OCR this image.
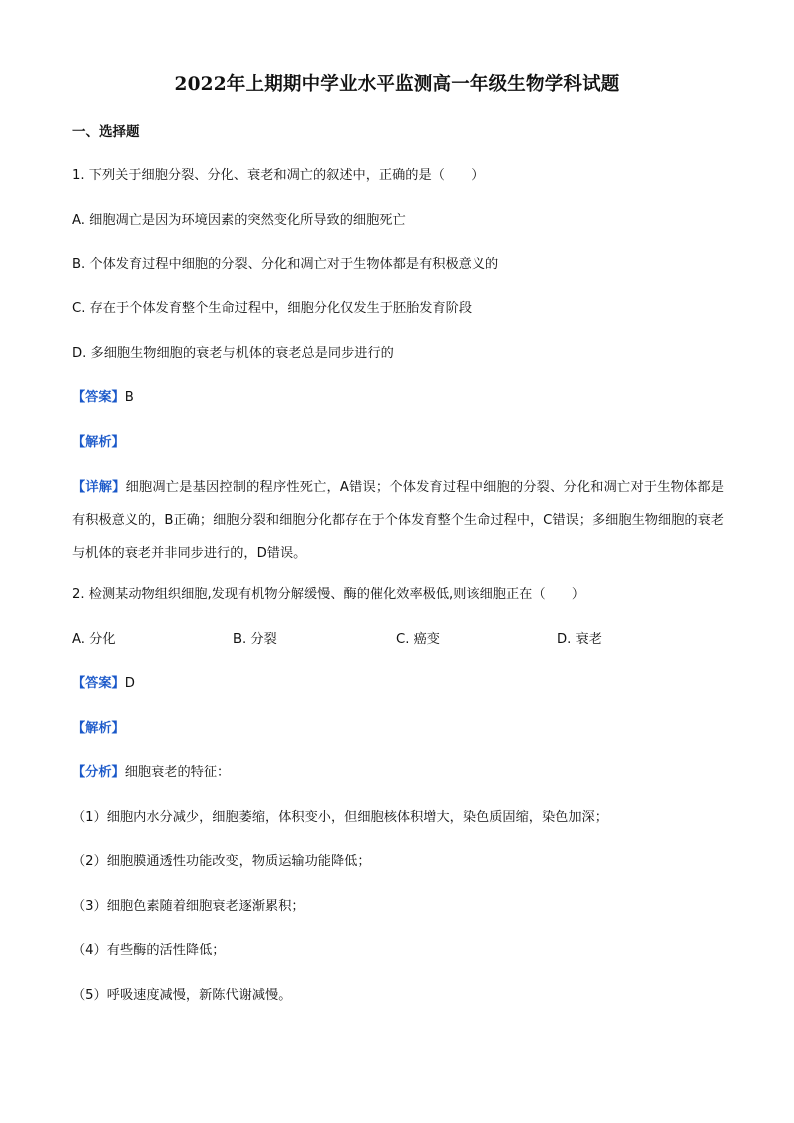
2022年上期期中学业水平监测高一年级生物学科试题
一、选择题
1. 下列关于细胞分裂、分化、衰老和凋亡的叙述中，正确的是（　　）
A. 细胞凋亡是因为环境因素的突然变化所导致的细胞死亡
B. 个体发育过程中细胞的分裂、分化和凋亡对于生物体都是有积极意义的
C. 存在于个体发育整个生命过程中，细胞分化仅发生于胚胎发育阶段
D. 多细胞生物细胞的衰老与机体的衰老总是同步进行的
【答案】B
【解析】
【详解】细胞凋亡是基因控制的程序性死亡，A错误；个体发育过程中细胞的分裂、分化和凋亡对于生物体都是有积极意义的，B正确；细胞分裂和细胞分化都存在于个体发育整个生命过程中，C错误；多细胞生物细胞的衰老与机体的衰老并非同步进行的，D错误。
2. 检测某动物组织细胞,发现有机物分解缓慢、酶的催化效率极低,则该细胞正在（　　）
A. 分化	B. 分裂	C. 癌变	D. 衰老
【答案】D
【解析】
【分析】细胞衰老的特征：
（1）细胞内水分减少，细胞萎缩，体积变小，但细胞核体积增大，染色质固缩，染色加深；
（2）细胞膜通透性功能改变，物质运输功能降低；
（3）细胞色素随着细胞衰老逐渐累积；
（4）有些酶的活性降低；
（5）呼吸速度减慢，新陈代谢减慢。
